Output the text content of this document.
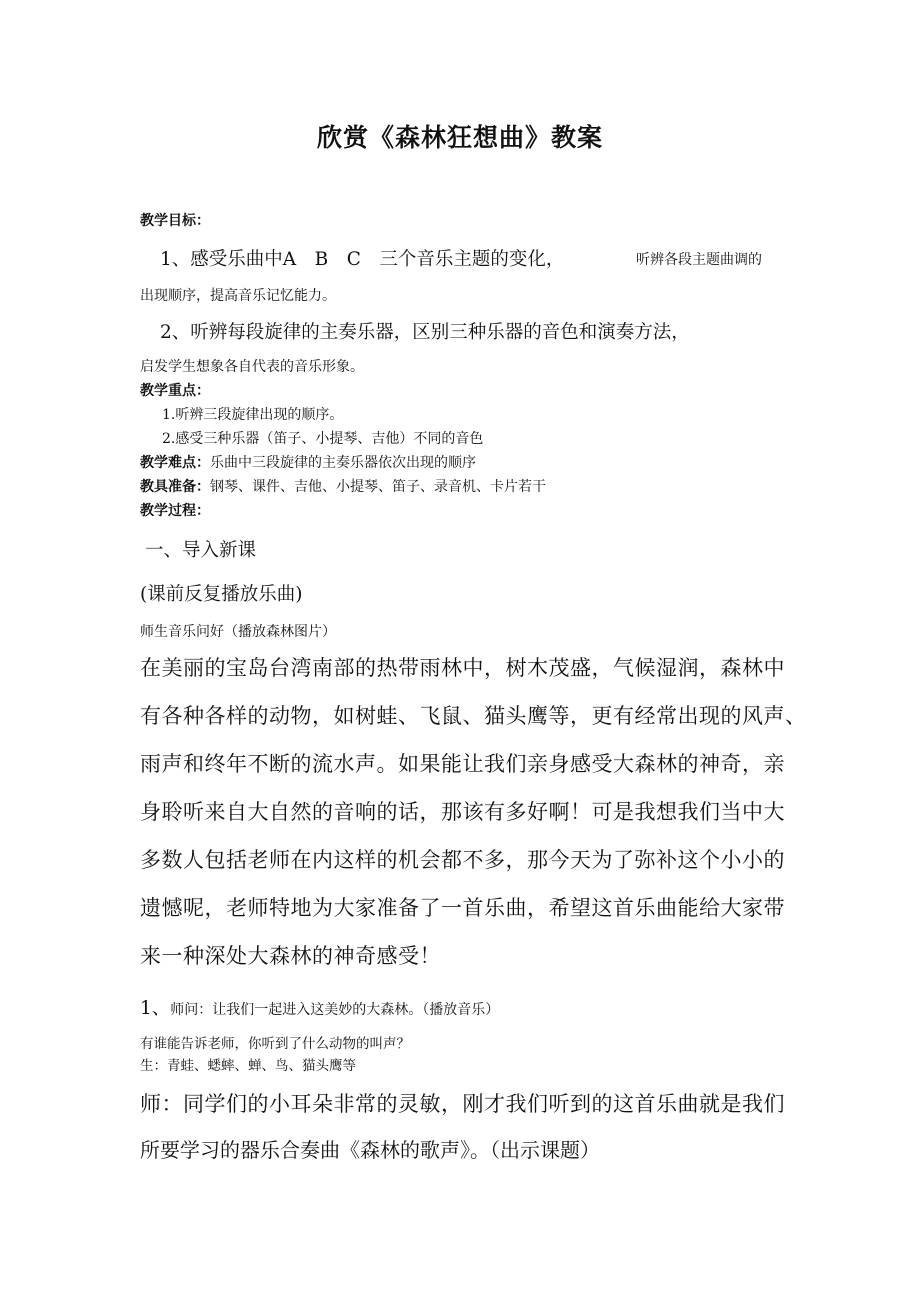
欣赏《森林狂想曲》教案
教学目标：
1、感受乐曲中A　B　C　三个音乐主题的变化，	听辨各段主题曲调的
出现顺序，提高音乐记忆能力。
2、听辨每段旋律的主奏乐器，区别三种乐器的音色和演奏方法，
启发学生想象各自代表的音乐形象。
教学重点：
1.听辨三段旋律出现的顺序。
2.感受三种乐器（笛子、小提琴、吉他）不同的音色
教学难点：乐曲中三段旋律的主奏乐器依次出现的顺序
教具准备：钢琴、课件、吉他、小提琴、笛子、录音机、卡片若干
教学过程：
一、导入新课
(课前反复播放乐曲)
师生音乐问好（播放森林图片）
在美丽的宝岛台湾南部的热带雨林中，树木茂盛，气候湿润，森林中
有各种各样的动物，如树蛙、飞鼠、猫头鹰等，更有经常出现的风声、
雨声和终年不断的流水声。如果能让我们亲身感受大森林的神奇，亲
身聆听来自大自然的音响的话，那该有多好啊！可是我想我们当中大
多数人包括老师在内这样的机会都不多，那今天为了弥补这个小小的
遗憾呢，老师特地为大家准备了一首乐曲，希望这首乐曲能给大家带
来一种深处大森林的神奇感受！
1、师问：让我们一起进入这美妙的大森林。（播放音乐）
有谁能告诉老师，你听到了什么动物的叫声？
生：青蛙、蟋蟀、蝉、鸟、猫头鹰等
师：同学们的小耳朵非常的灵敏，刚才我们听到的这首乐曲就是我们
所要学习的器乐合奏曲《森林的歌声》。（出示课题）
